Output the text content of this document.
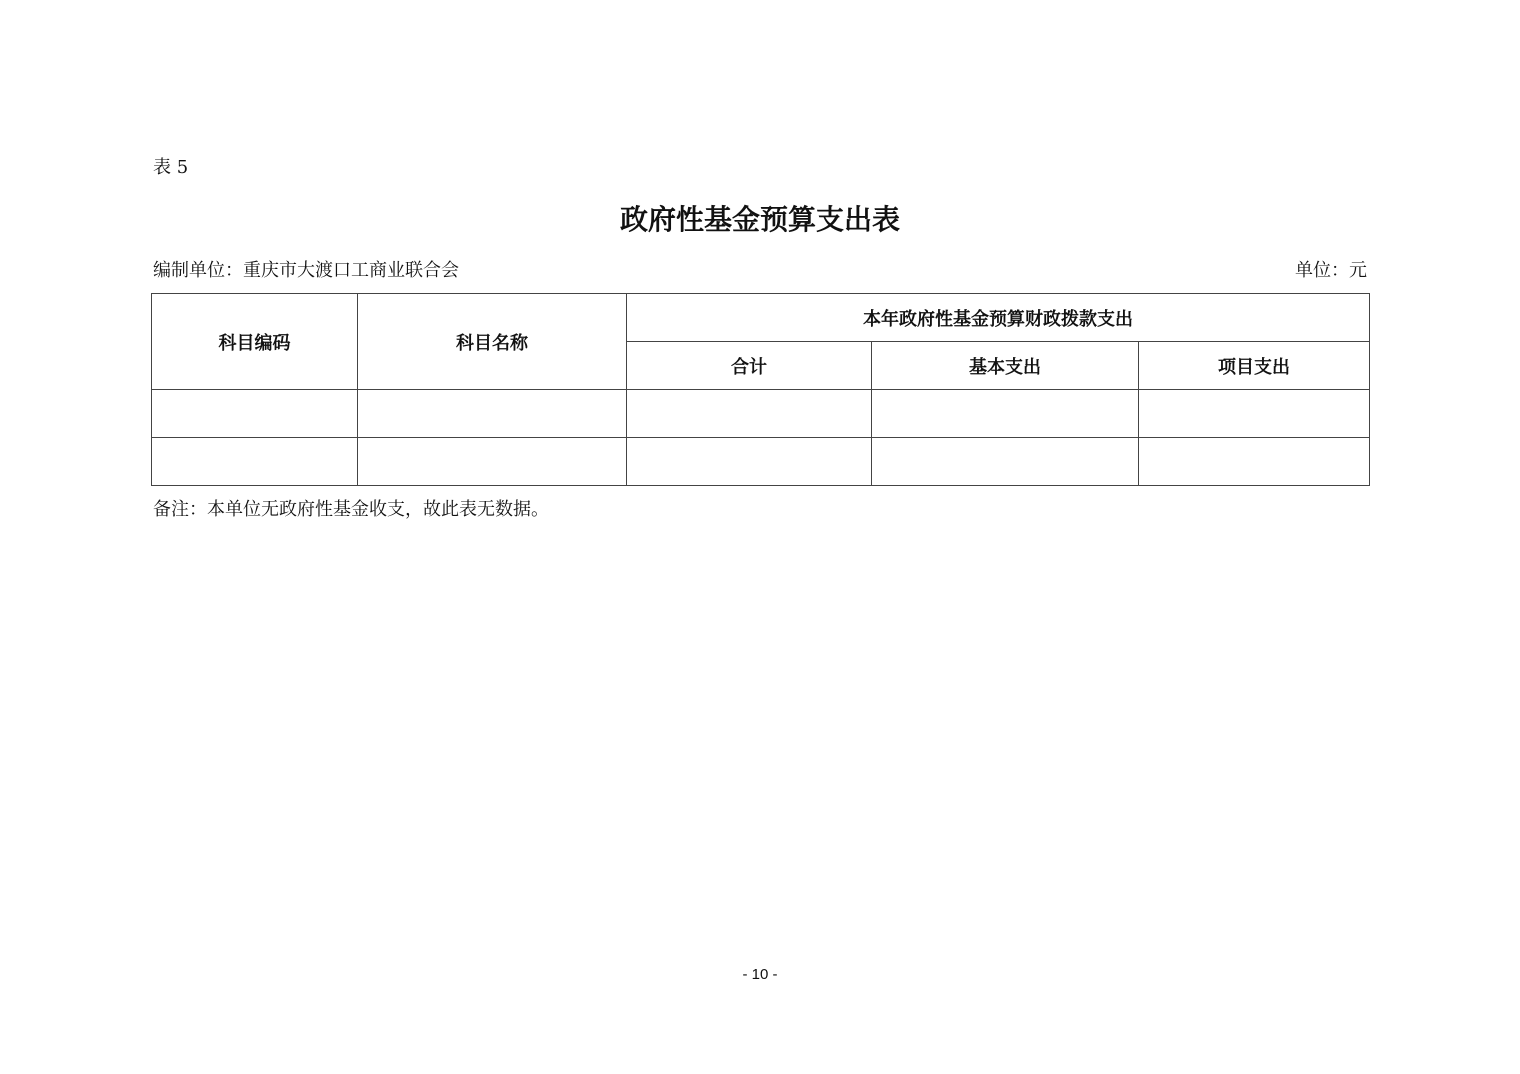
表 5
政府性基金预算支出表
编制单位：重庆市大渡口工商业联合会	单位：元
科目编码	科目名称	本年政府性基金预算财政拨款支出		
		合计	基本支出	项目支出

备注：本单位无政府性基金收支，故此表无数据。
- 10 -
